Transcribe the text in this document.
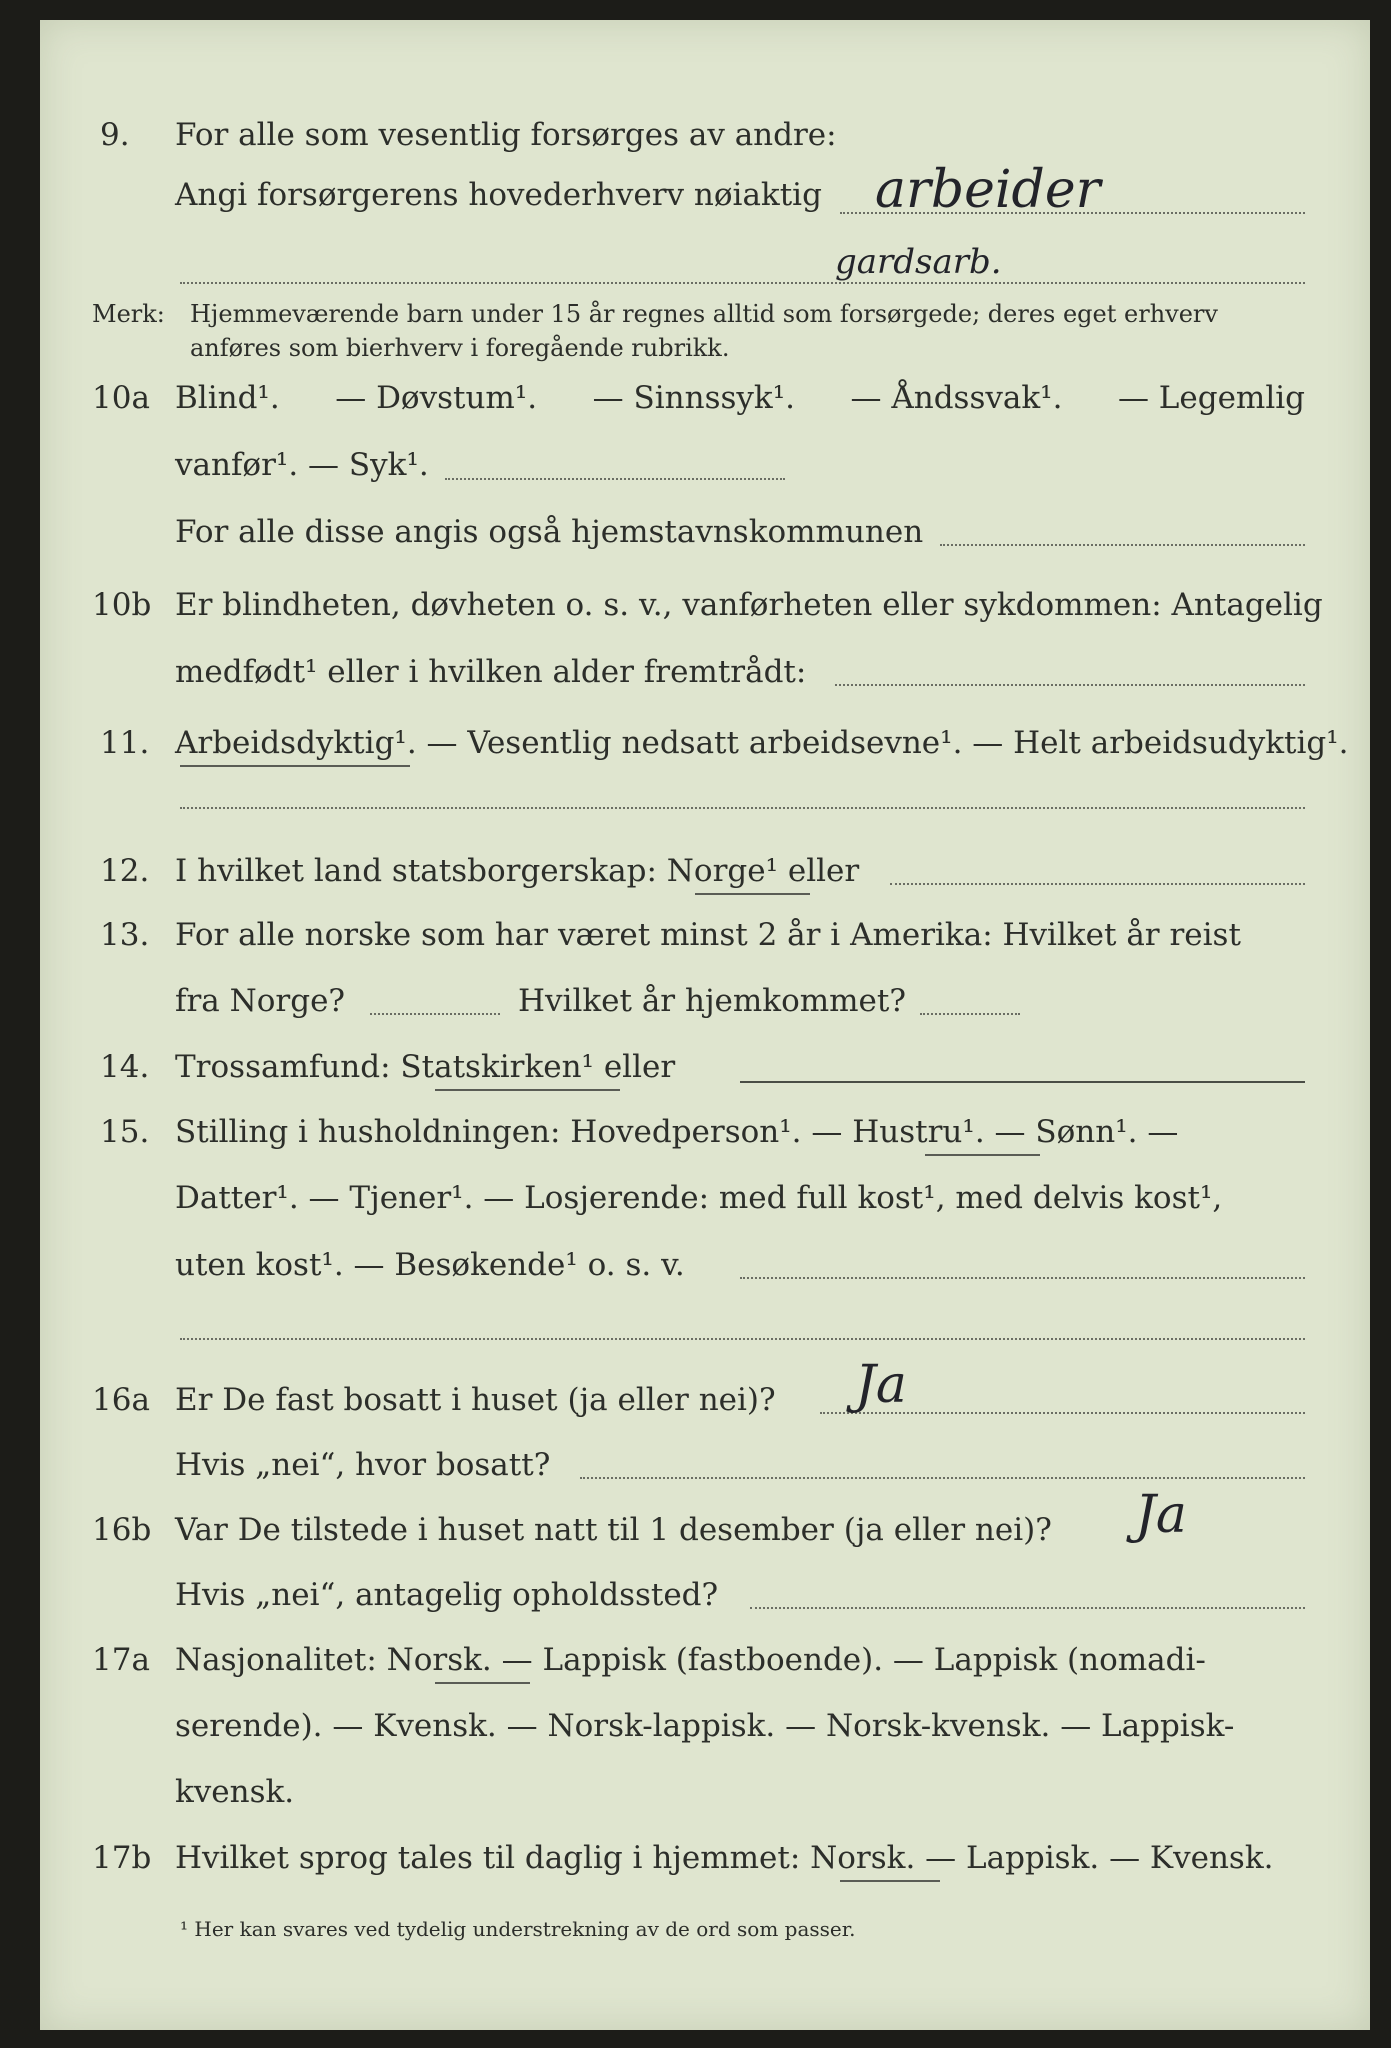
9. For alle som vesentlig forsørges av andre:
Angi forsørgerens hovederhverv nøiaktig arbeider
gardsarb.
Merk: Hjemmeværende barn under 15 år regnes alltid som forsørgede; deres eget erhverv
anføres som bierhverv i foregående rubrikk.
10a Blind¹. — Døvstum¹. — Sinnssyk¹. — Åndssvak¹. — Legemlig
vanfør¹. — Syk¹.
For alle disse angis også hjemstavnskommunen
10b Er blindheten, døvheten o. s. v., vanførheten eller sykdommen: Antagelig
medfødt¹ eller i hvilken alder fremtrådt:
11. Arbeidsdyktig¹. — Vesentlig nedsatt arbeidsevne¹. — Helt arbeidsudyktig¹.
12. I hvilket land statsborgerskap: Norge¹ eller
13. For alle norske som har været minst 2 år i Amerika: Hvilket år reist
fra Norge?	Hvilket år hjemkommet?
14. Trossamfund: Statskirken¹ eller
15. Stilling i husholdningen: Hovedperson¹. — Hustru¹. — Sønn¹. —
Datter¹. — Tjener¹. — Losjerende: med full kost¹, med delvis kost¹,
uten kost¹. — Besøkende¹ o. s. v.
16a Er De fast bosatt i huset (ja eller nei)? Ja
Hvis „nei“, hvor bosatt?
16b Var De tilstede i huset natt til 1 desember (ja eller nei)? Ja
Hvis „nei“, antagelig opholdssted?
17a Nasjonalitet: Norsk. — Lappisk (fastboende). — Lappisk (nomadi-
serende). — Kvensk. — Norsk-lappisk. — Norsk-kvensk. — Lappisk-
kvensk.
17b Hvilket sprog tales til daglig i hjemmet: Norsk. — Lappisk. — Kvensk.
¹ Her kan svares ved tydelig understrekning av de ord som passer.
